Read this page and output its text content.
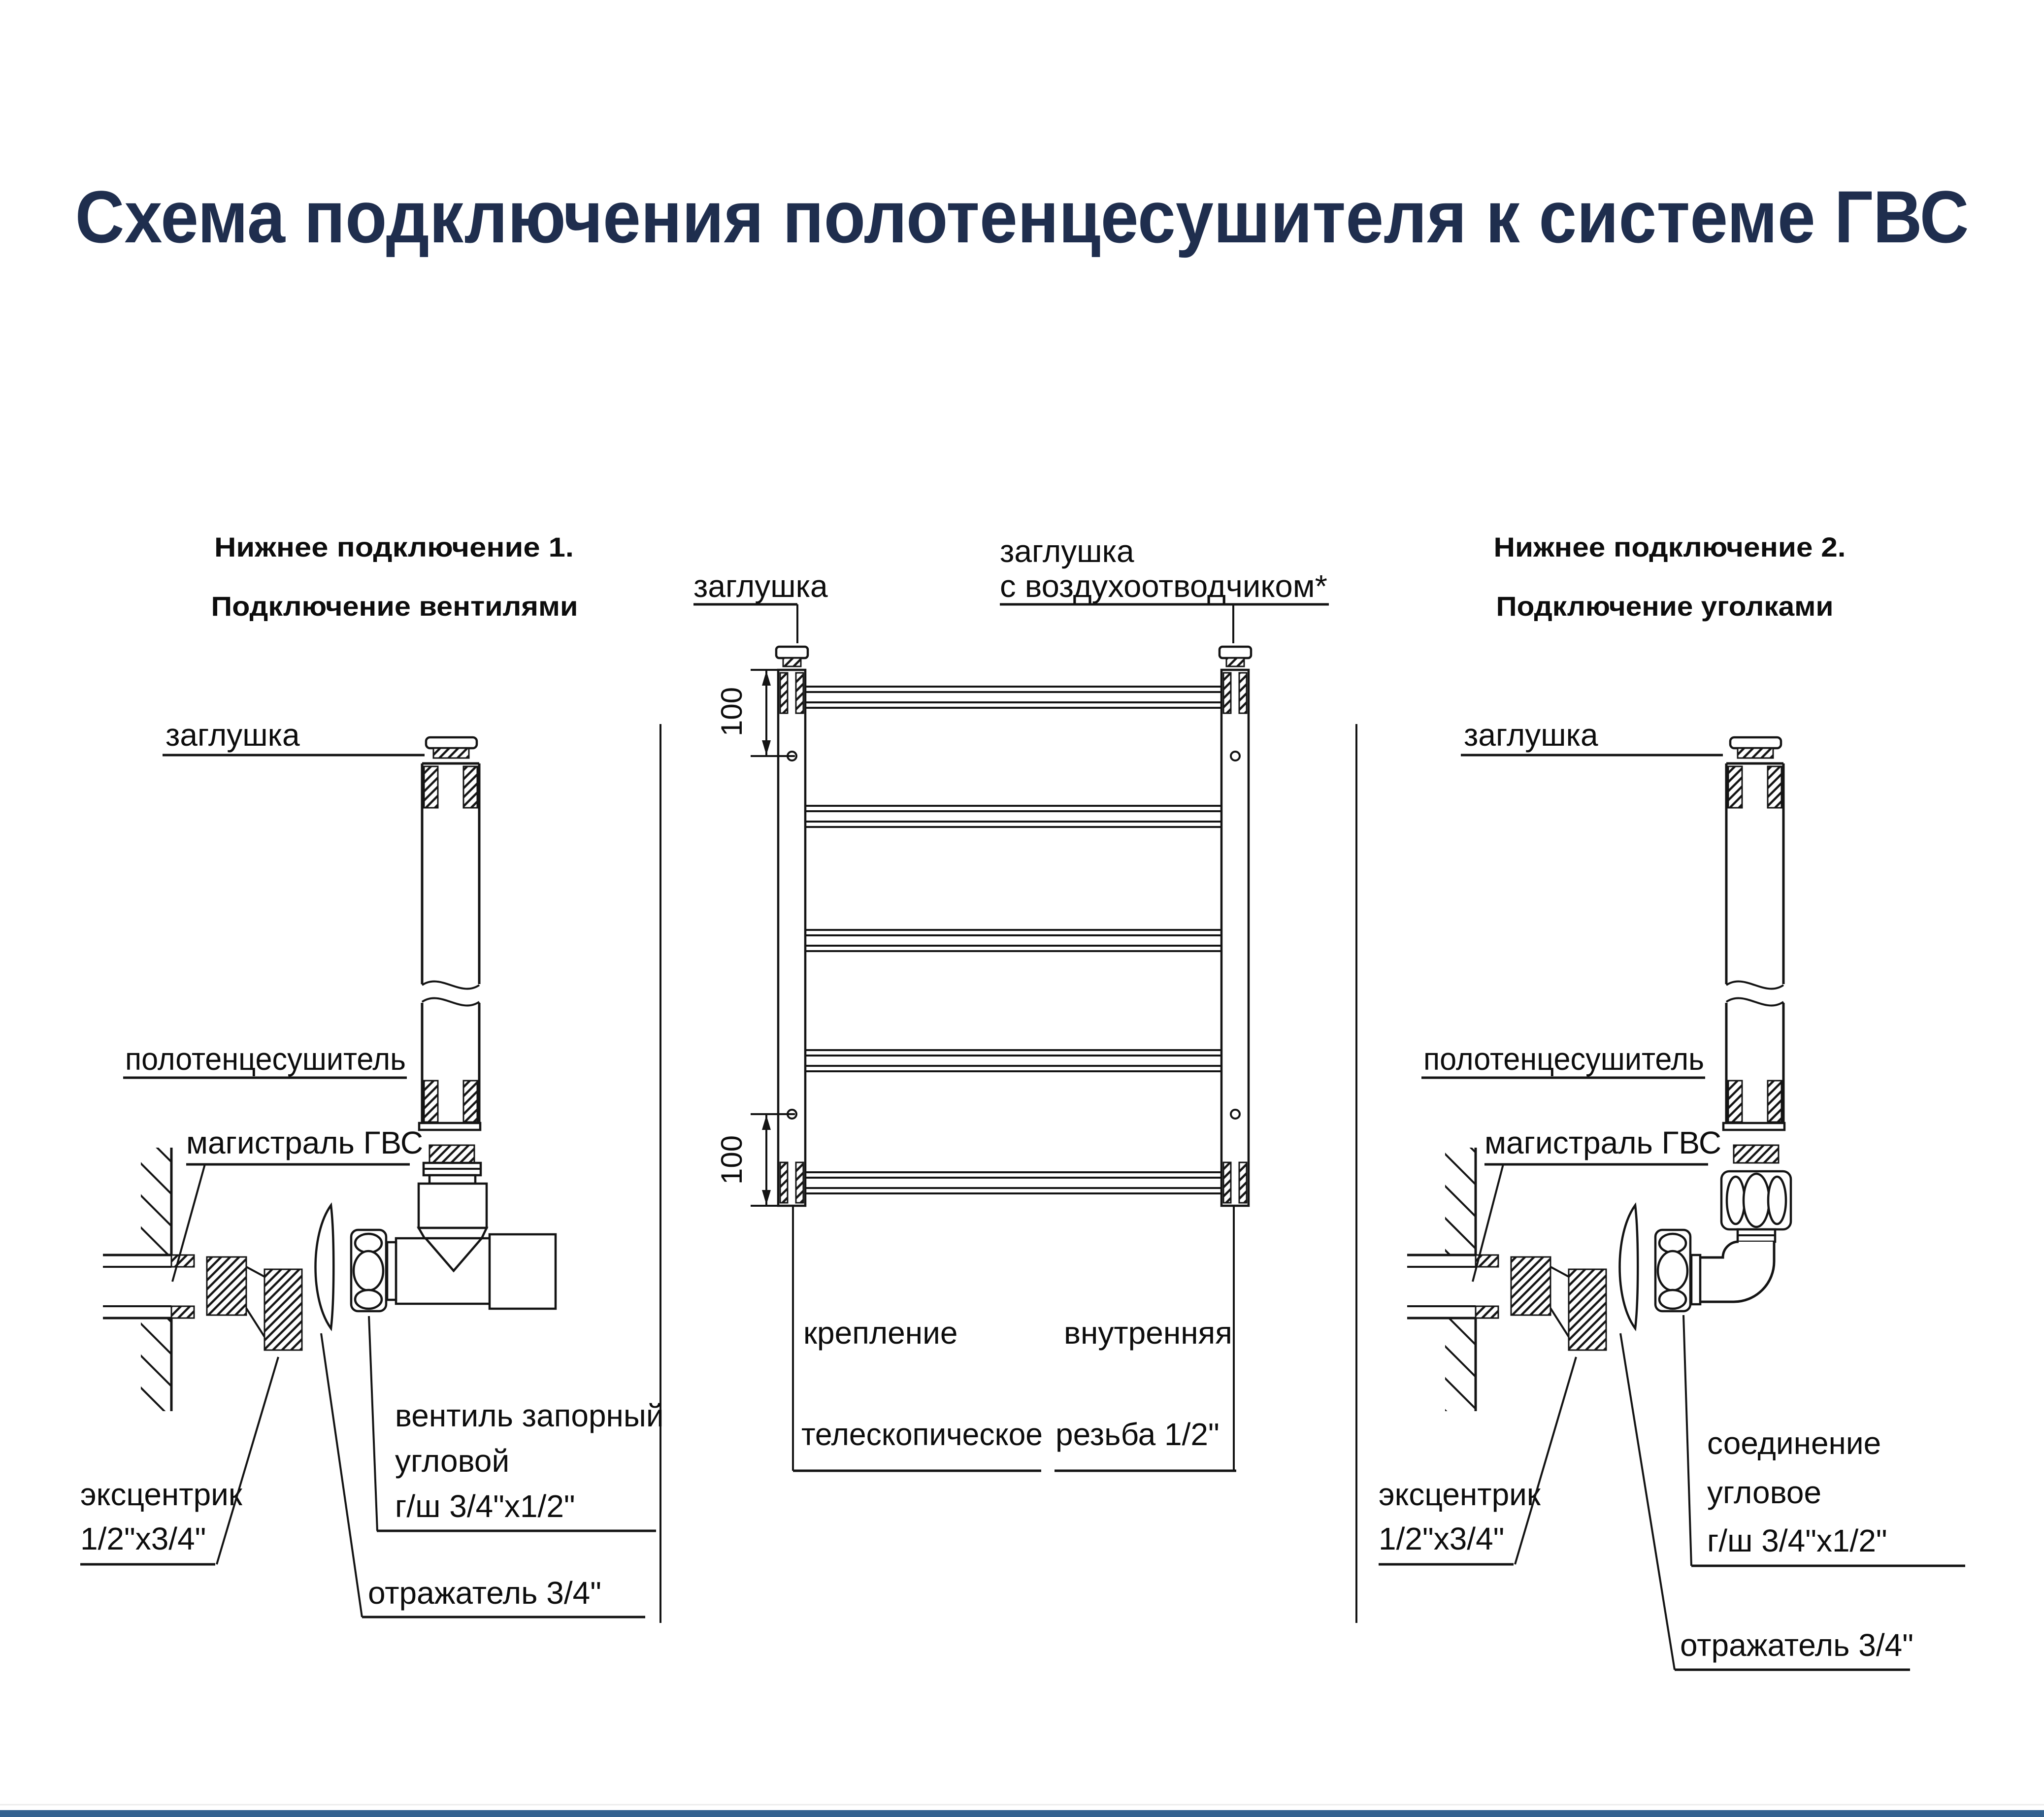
Схема подключения полотенцесушителя к системе ГВС
Нижнее подключение 1.
Подключение вентилями
заглушка
полотенцесушитель
магистраль ГВС
эксцентрик
1/2"x3/4"
вентиль запорный
угловой
г/ш 3/4"x1/2"
отражатель 3/4"
заглушка
заглушка
с воздухоотводчиком*
100
100
крепление
телескопическое
внутренняя
резьба 1/2"
Нижнее подключение 2.
Подключение уголками
заглушка
полотенцесушитель
магистраль ГВС
эксцентрик
1/2"x3/4"
соединение
угловое
г/ш 3/4"x1/2"
отражатель 3/4"
